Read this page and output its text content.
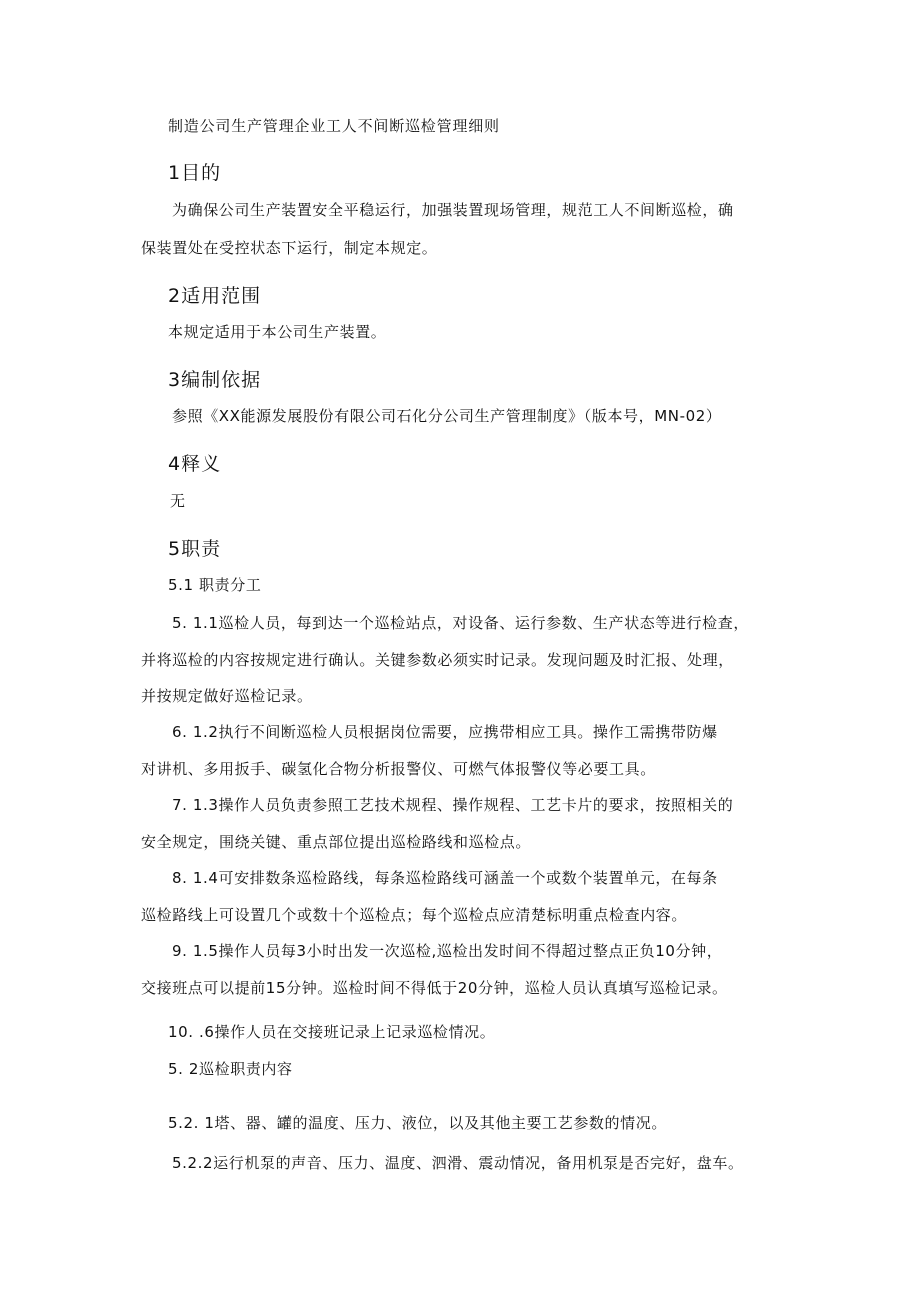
制造公司生产管理企业工人不间断巡检管理细则
1目的
为确保公司生产装置安全平稳运行，加强装置现场管理，规范工人不间断巡检，确
保装置处在受控状态下运行，制定本规定。
2适用范围
本规定适用于本公司生产装置。
3编制依据
参照《XX能源发展股份有限公司石化分公司生产管理制度》（版本号，MN-02）
4释义
无
5职责
5.1 职责分工
5. 1.1巡检人员，每到达一个巡检站点，对设备、运行参数、生产状态等进行检查，
并将巡检的内容按规定进行确认。关键参数必须实时记录。发现问题及时汇报、处理，
并按规定做好巡检记录。
6. 1.2执行不间断巡检人员根据岗位需要，应携带相应工具。操作工需携带防爆
对讲机、多用扳手、碳氢化合物分析报警仪、可燃气体报警仪等必要工具。
7. 1.3操作人员负责参照工艺技术规程、操作规程、工艺卡片的要求，按照相关的
安全规定，围绕关键、重点部位提出巡检路线和巡检点。
8. 1.4可安排数条巡检路线，每条巡检路线可涵盖一个或数个装置单元，在每条
巡检路线上可设置几个或数十个巡检点；每个巡检点应清楚标明重点检查内容。
9. 1.5操作人员每3小时出发一次巡检,巡检出发时间不得超过整点正负10分钟，
交接班点可以提前15分钟。巡检时间不得低于20分钟，巡检人员认真填写巡检记录。
10. .6操作人员在交接班记录上记录巡检情况。
5. 2巡检职责内容
5.2. 1塔、器、罐的温度、压力、液位，以及其他主要工艺参数的情况。
5.2.2运行机泵的声音、压力、温度、泗滑、震动情况，备用机泵是否完好，盘车。
